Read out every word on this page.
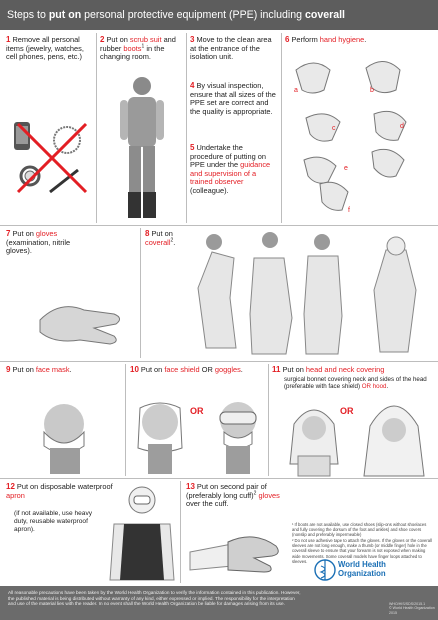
Steps to put on personal protective equipment (PPE) including coverall
1 Remove all personal items (jewelry, watches, cell phones, pens, etc.)
2 Put on scrub suit and rubber boots$^1$ in the changing room.
3 Move to the clean area at the entrance of the isolation unit.
4 By visual inspection, ensure that all sizes of the PPE set are correct and the quality is appropriate.
5 Undertake the procedure of putting on PPE under the guidance and supervision of a trained observer (colleague).
6 Perform hand hygiene.
a	b
c	d
e
f
7 Put on gloves (examination, nitrile gloves).
8 Put on coverall$^2$.
9 Put on face mask.	10 Put on face shield OR goggles.
OR
11 Put on head and neck covering
surgical bonnet covering neck and sides of the head (preferable with face shield) OR hood.
OR
12 Put on disposable waterproof apron
(if not available, use heavy duty, reusable waterproof apron).
13 Put on second pair of (preferably long cuff)$^2$ gloves over the cuff.

¹ If boots are not available, use closed shoes (slip-ons without shoelaces and fully covering the dorsum of the foot and ankles) and shoe covers (nonslip and preferably impermeable)

² Do not use adhesive tape to attach the gloves. If the gloves or the coverall sleeves are not long enough, make a thumb (or middle finger) hole in the coverall sleeve to ensure that your forearm is not exposed when making wide movements. Some coverall models have finger loops attached to sleeves.	World Health
Organization
All reasonable precautions have been taken by the World Health Organization to verify the information contained in this publication. However, the published material is being distributed without warranty of any kind, either expressed or implied. The responsibility for the interpretation and use of the material lies with the reader. In no event shall the World Health Organization be liable for damages arising from its use.	WHO/HIS/SDS/2015.1
© World Health Organization 2015
